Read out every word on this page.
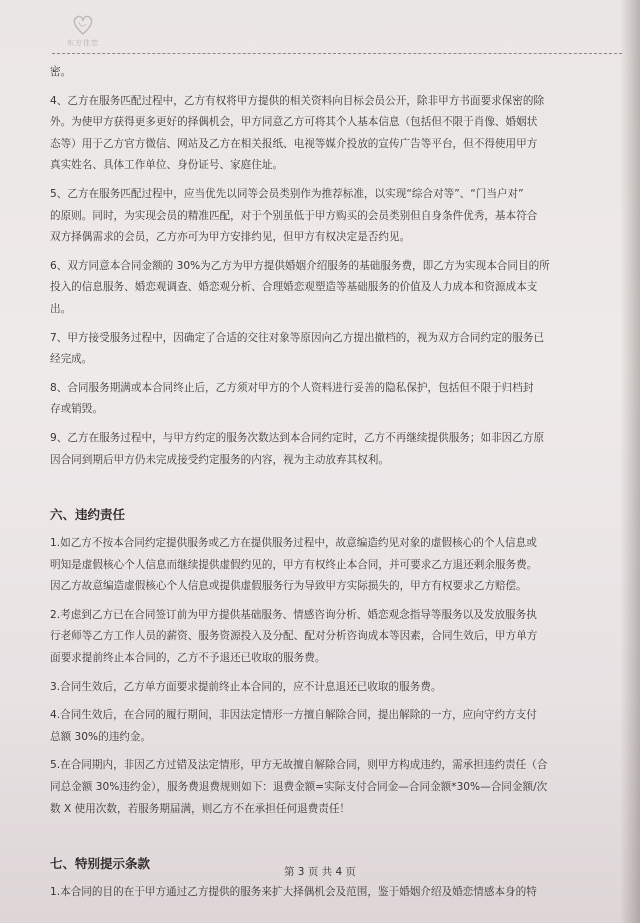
东方佳恋
密。
4、乙方在服务匹配过程中，乙方有权将甲方提供的相关资料向目标会员公开，除非甲方书面要求保密的除
外。为使甲方获得更多更好的择偶机会，甲方同意乙方可将其个人基本信息（包括但不限于肖像、婚姻状
态等）用于乙方官方微信、网站及乙方在相关报纸、电视等媒介投放的宣传广告等平台，但不得使用甲方
真实姓名、具体工作单位、身份证号、家庭住址。
5、乙方在服务匹配过程中，应当优先以同等会员类别作为推荐标准，以实现“综合对等”、“门当户对”
的原则。同时，为实现会员的精准匹配，对于个别虽低于甲方购买的会员类别但自身条件优秀，基本符合
双方择偶需求的会员，乙方亦可为甲方安排约见，但甲方有权决定是否约见。
6、双方同意本合同金额的 30%为乙方为甲方提供婚姻介绍服务的基础服务费，即乙方为实现本合同目的所
投入的信息服务、婚恋观调查、婚恋观分析、合理婚恋观塑造等基础服务的价值及人力成本和资源成本支
出。
7、甲方接受服务过程中，因确定了合适的交往对象等原因向乙方提出撤档的，视为双方合同约定的服务已
经完成。
8、合同服务期满或本合同终止后，乙方须对甲方的个人资料进行妥善的隐私保护，包括但不限于归档封
存或销毁。
9、乙方在服务过程中，与甲方约定的服务次数达到本合同约定时，乙方不再继续提供服务；如非因乙方原
因合同到期后甲方仍未完成接受约定服务的内容，视为主动放弃其权利。
六、违约责任
1.如乙方不按本合同约定提供服务或乙方在提供服务过程中，故意编造约见对象的虚假核心的个人信息或
明知是虚假核心个人信息而继续提供虚假约见的，甲方有权终止本合同，并可要求乙方退还剩余服务费。
因乙方故意编造虚假核心个人信息或提供虚假服务行为导致甲方实际损失的，甲方有权要求乙方赔偿。
2.考虑到乙方已在合同签订前为甲方提供基础服务、情感咨询分析、婚恋观念指导等服务以及发放服务执
行老师等乙方工作人员的薪资、服务资源投入及分配、配对分析咨询成本等因素，合同生效后，甲方单方
面要求提前终止本合同的，乙方不予退还已收取的服务费。
3.合同生效后，乙方单方面要求提前终止本合同的，应不计息退还已收取的服务费。
4.合同生效后，在合同的履行期间，非因法定情形一方擅自解除合同，提出解除的一方，应向守约方支付
总额 30%的违约金。
5.在合同期内，非因乙方过错及法定情形，甲方无故擅自解除合同，则甲方构成违约，需承担违约责任（合
同总金额 30%违约金），服务费退费规则如下：退费金额=实际支付合同金—合同金额*30%—合同金额/次
数 X 使用次数，若服务期届满，则乙方不在承担任何退费责任！
七、特别提示条款
1.本合同的目的在于甲方通过乙方提供的服务来扩大择偶机会及范围，鉴于婚姻介绍及婚恋情感本身的特
第 3 页 共 4 页
